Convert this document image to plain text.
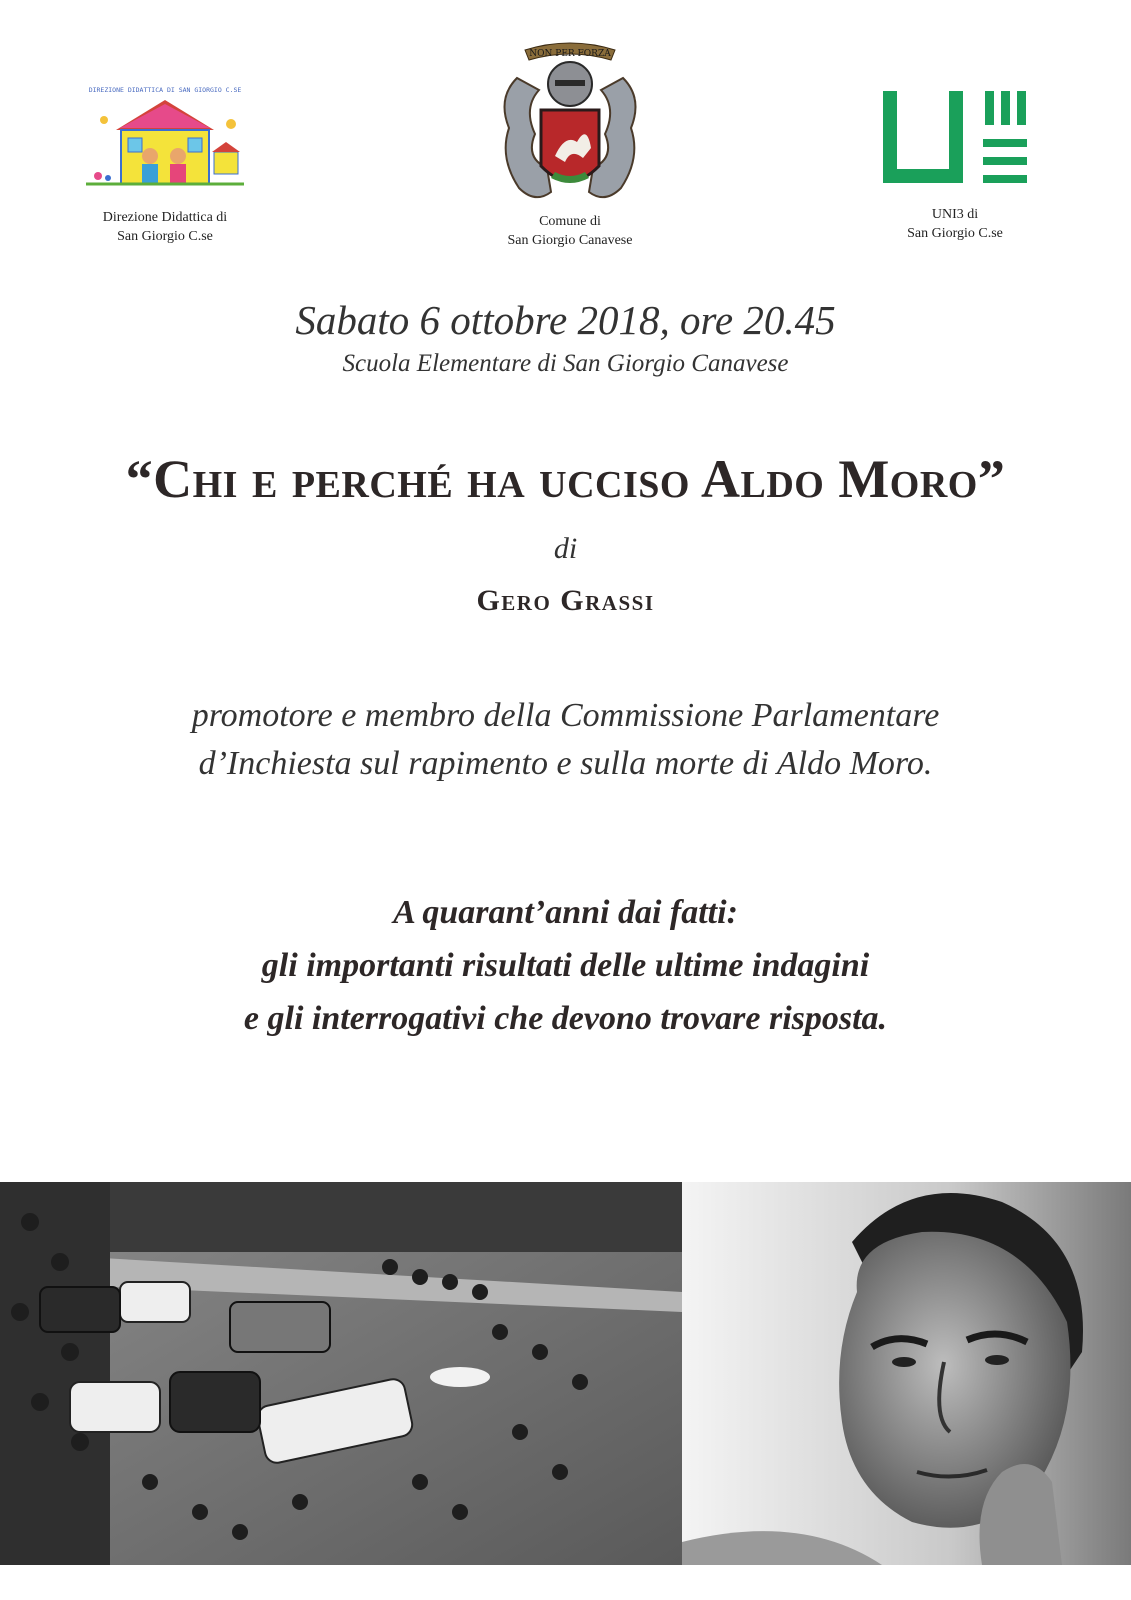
DIREZIONE DIDATTICA DI SAN GIORGIO C.SE
Direzione Didattica di
San Giorgio C.se
NON PER FORZA
Comune di
San Giorgio Canavese
UNI3 di
San Giorgio C.se
Sabato 6 ottobre 2018, ore 20.45
Scuola Elementare di San Giorgio Canavese
“Chi e perché ha ucciso Aldo Moro”
di
Gero Grassi
promotore e membro della Commissione Parlamentare
d’Inchiesta sul rapimento e sulla morte di Aldo Moro.
A quarant’anni dai fatti:
gli importanti risultati delle ultime indagini
e gli interrogativi che devono trovare risposta.
